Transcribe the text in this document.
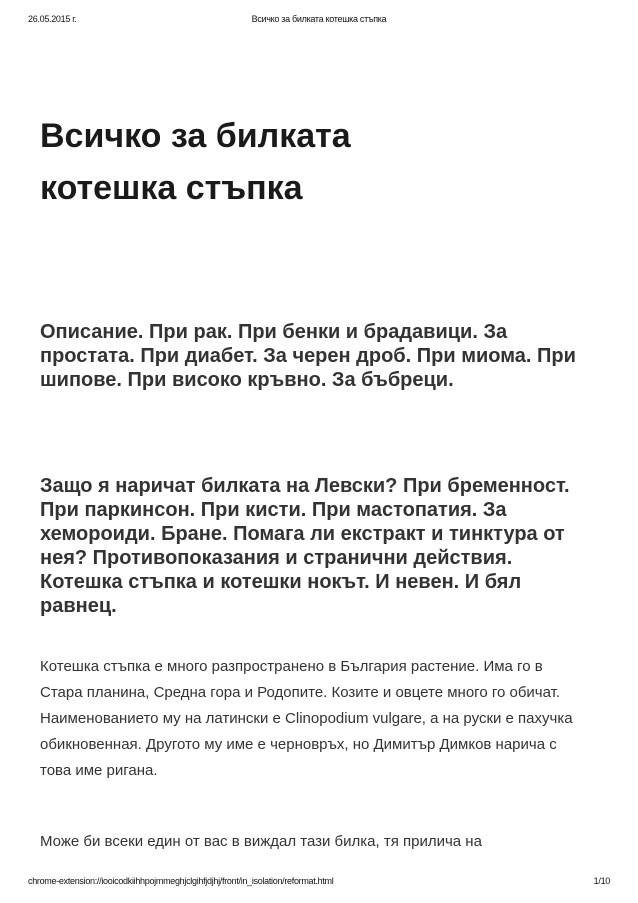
26.05.2015 г.	Всичко за билката котешка стъпка
Всичко за билката
котешка стъпка
Описание. При рак. При бенки и брадавици. За простата. При диабет. За черен дроб. При миома. При шипове. При високо кръвно. За бъбреци.
Защо я наричат билката на Левски? При бременност. При паркинсон. При кисти. При мастопатия. За хемороиди. Бране. Помага ли екстракт и тинктура от нея? Противопоказания и странични действия. Котешка стъпка и котешки нокът. И невен. И бял равнец.

Котешка стъпка е много разпространено в България растение. Има го в Стара планина, Средна гора и Родопите. Козите и овцете много го обичат. Наименованието му на латински е Clinopodium vulgare, а на руски е пахучка обикновенная. Другото му име е черновръх, но Димитър Димков нарича с това име ригана.

Може би всеки един от вас в виждал тази билка, тя прилича на

chrome-extension://iooicodkiihhpojmmeghjclgihfjdjhj/front/in_isolation/reformat.html	1/10
